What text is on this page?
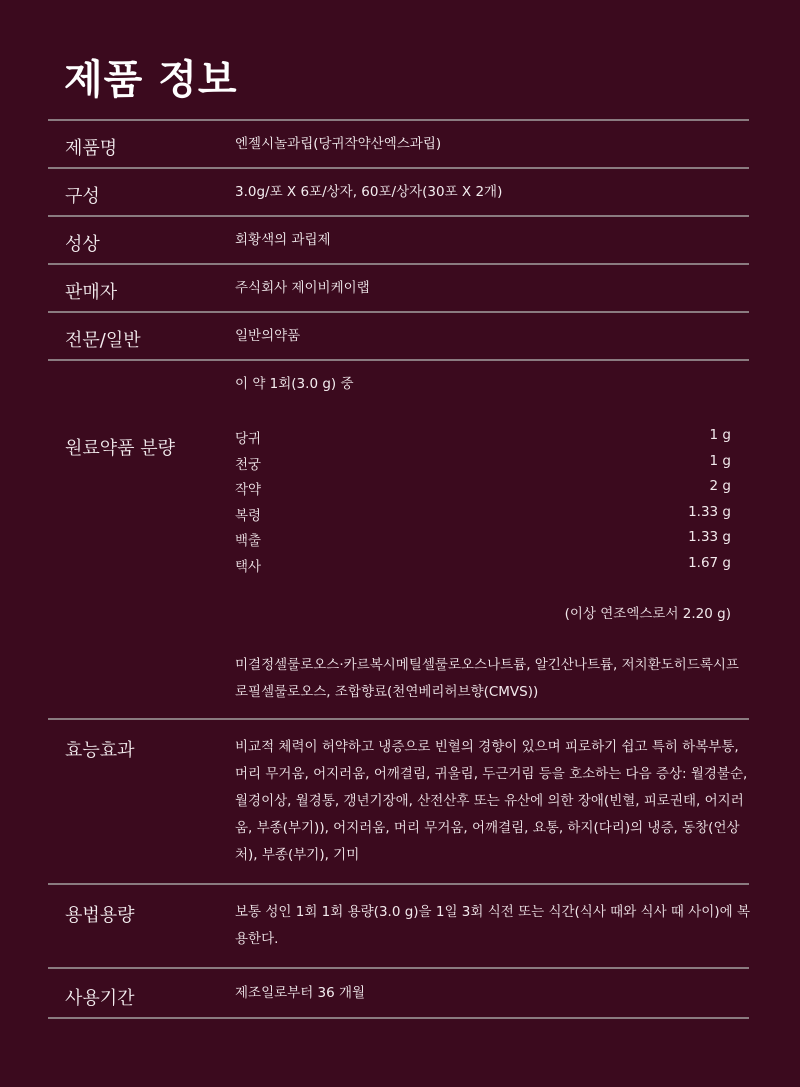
제품 정보
제품명	엔젤시놀과립(당귀작약산엑스과립)
구성	3.0g/포 X 6포/상자, 60포/상자(30포 X 2개)
성상	회황색의 과립제
판매자	주식회사 제이비케이랩
전문/일반	일반의약품
원료약품 분량
이 약 1회(3.0 g) 중
당귀	1 g
천궁	1 g
작약	2 g
복령	1.33 g
백출	1.33 g
택사	1.67 g
(이상 연조엑스로서 2.20 g)
미결정셀룰로오스·카르복시메틸셀룰로오스나트륨, 알긴산나트륨, 저치환도히드록시프로필셀룰로오스, 조합향료(천연베리허브향(CMVS))
효능효과	비교적 체력이 허약하고 냉증으로 빈혈의 경향이 있으며 피로하기 쉽고 특히 하복부통, 머리 무거움, 어지러움, 어깨결림, 귀울림, 두근거림 등을 호소하는 다음 증상: 월경불순, 월경이상, 월경통, 갱년기장애, 산전산후 또는 유산에 의한 장애(빈혈, 피로권태, 어지러움, 부종(부기)), 어지러움, 머리 무거움, 어깨결림, 요통, 하지(다리)의 냉증, 동창(언상처), 부종(부기), 기미
용법용량	보통 성인 1회 1회 용량(3.0 g)을 1일 3회 식전 또는 식간(식사 때와 식사 때 사이)에 복용한다.
사용기간	제조일로부터 36 개월
